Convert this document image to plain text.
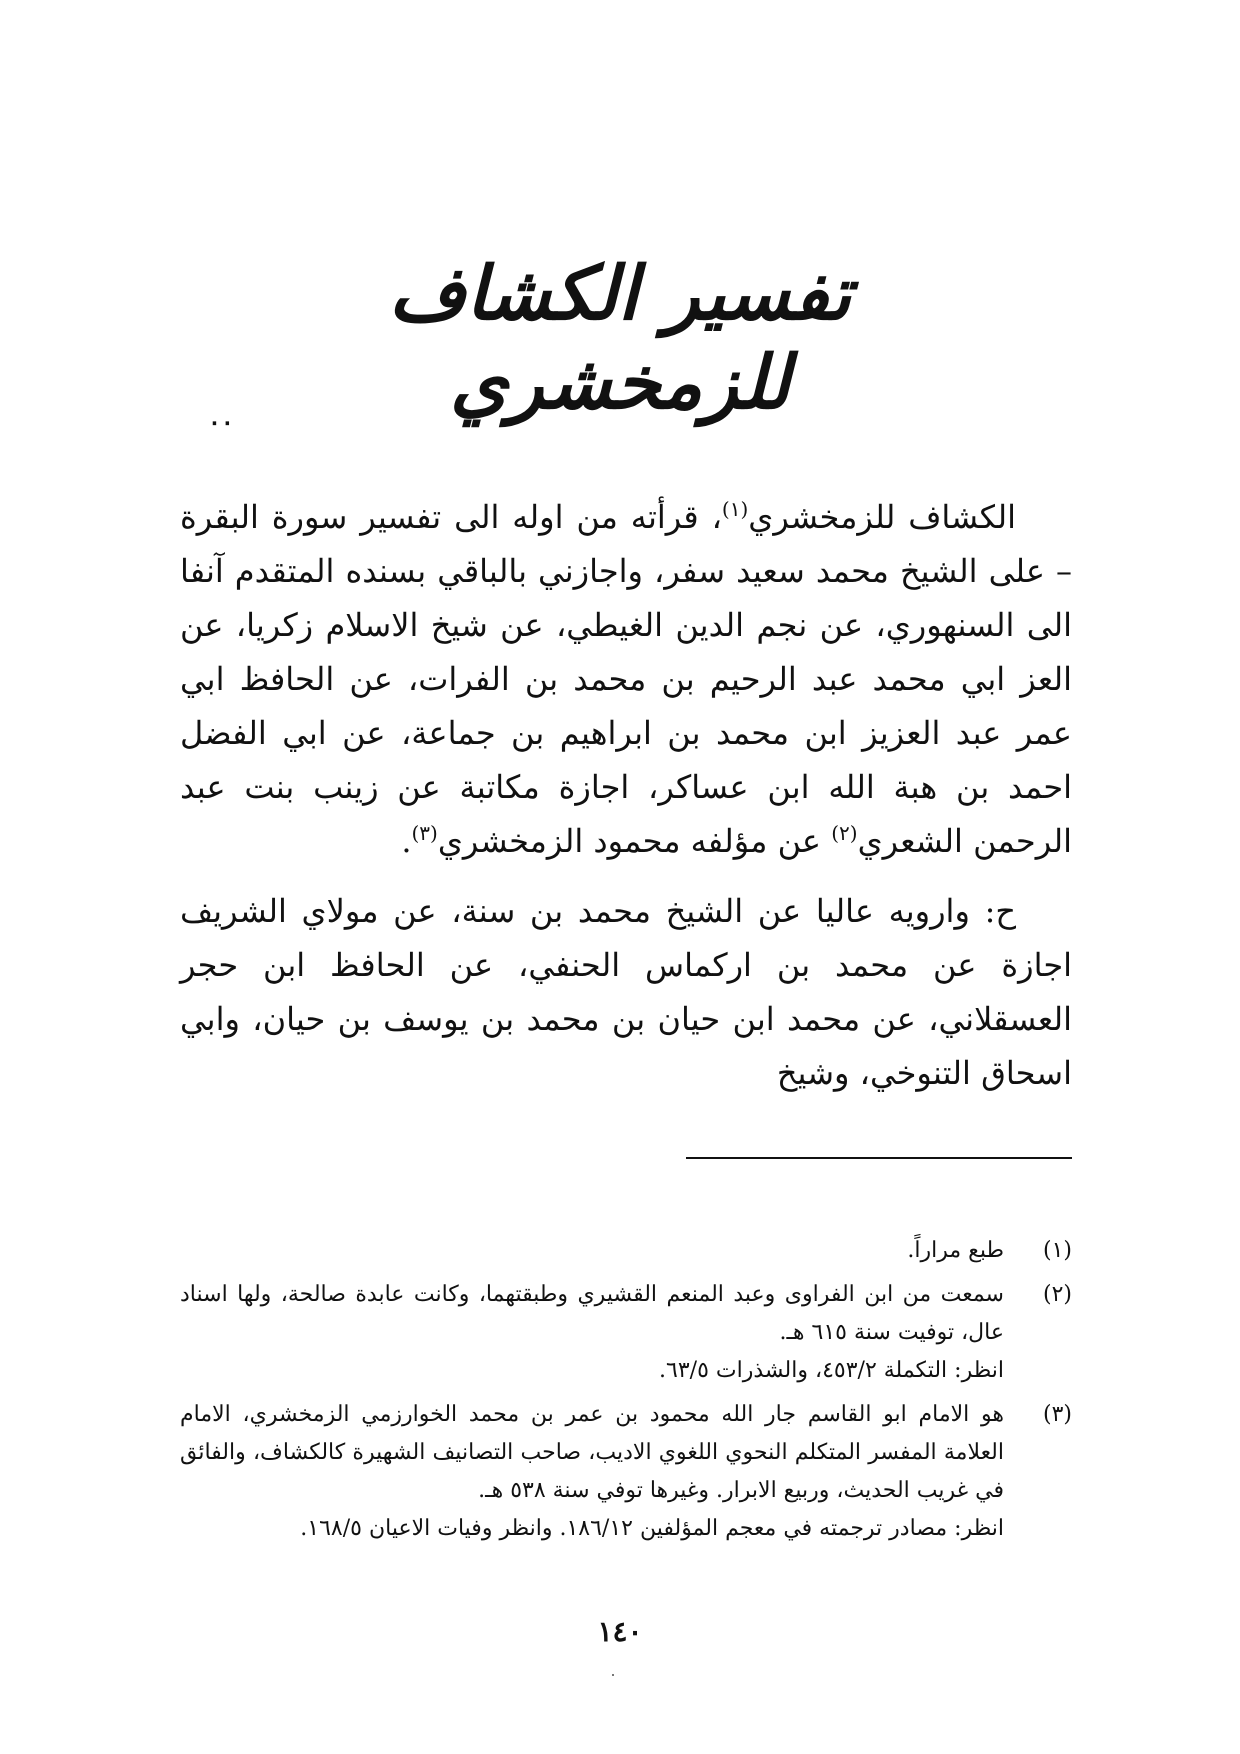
تفسير الكشاف للزمخشري
٠٠

الكشاف للزمخشري$^{(١)}$، قرأته من اوله الى تفسير سورة البقرة – على الشيخ محمد سعيد سفر، واجازني بالباقي بسنده المتقدم آنفا الى السنهوري، عن نجم الدين الغيطي، عن شيخ الاسلام زكريا، عن العز ابي محمد عبد الرحيم بن محمد بن الفرات، عن الحافظ ابي عمر عبد العزيز ابن محمد بن ابراهيم بن جماعة، عن ابي الفضل احمد بن هبة الله ابن عساكر، اجازة مكاتبة عن زينب بنت عبد الرحمن الشعري$^{(٢)}$ عن مؤلفه محمود الزمخشري$^{(٣)}$.

ح: وارويه عاليا عن الشيخ محمد بن سنة، عن مولاي الشريف اجازة عن محمد بن اركماس الحنفي، عن الحافظ ابن حجر العسقلاني، عن محمد ابن حيان بن محمد بن يوسف بن حيان، وابي اسحاق التنوخي، وشيخ

(١)
طبع مراراً.
(٢)
سمعت من ابن الفراوى وعبد المنعم القشيري وطبقتهما، وكانت عابدة صالحة، ولها اسناد عال، توفيت سنة ٦١٥ هـ.
انظر: التكملة ٤٥٣/٢، والشذرات ٦٣/٥.
(٣)
هو الامام ابو القاسم جار الله محمود بن عمر بن محمد الخوارزمي الزمخشري، الامام العلامة المفسر المتكلم النحوي اللغوي الاديب، صاحب التصانيف الشهيرة كالكشاف، والفائق في غريب الحديث، وربيع الابرار. وغيرها توفي سنة ٥٣٨ هـ.
انظر: مصادر ترجمته في معجم المؤلفين ١٨٦/١٢. وانظر وفيات الاعيان ١٦٨/٥.
١٤٠
